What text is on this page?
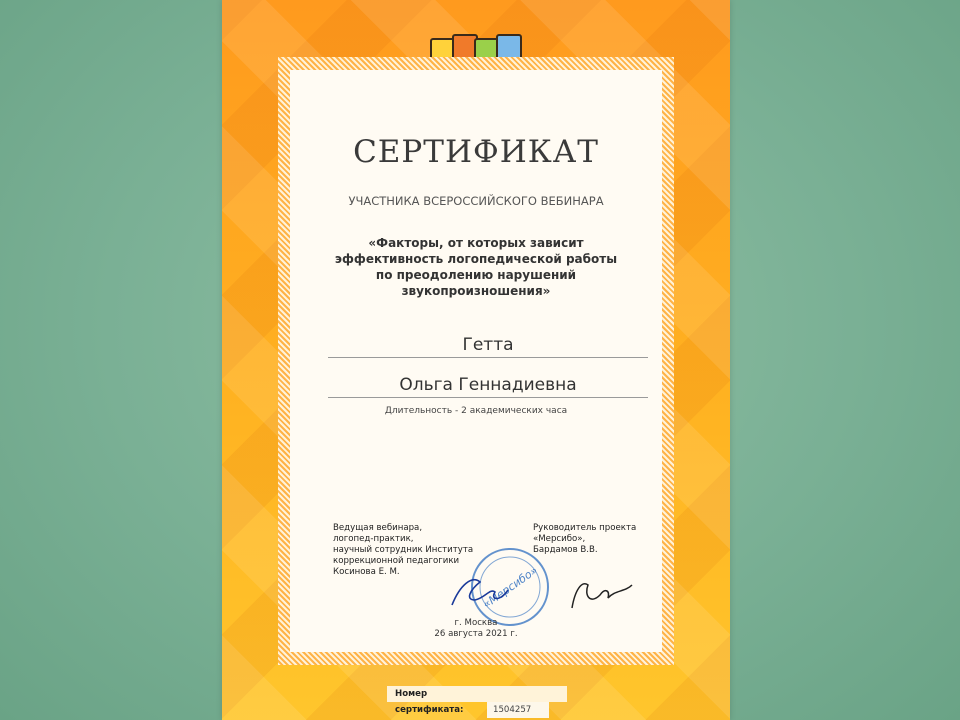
СЕРТИФИКАТ
УЧАСТНИКА ВСЕРОССИЙСКОГО ВЕБИНАРА
«Факторы, от которых зависит
эффективность логопедической работы
по преодолению нарушений
звукопроизношения»
Гетта
Ольга Геннадиевна
Длительность - 2 академических часа
Ведущая вебинара,
логопед-практик,
научный сотрудник Института
коррекционной педагогики
Косинова Е. М.
Руководитель проекта
«Мерсибо»,
Бардамов В.В.
«Мерсибо»
г. Москва
26 августа 2021 г.
Номер сертификата:	1504257
